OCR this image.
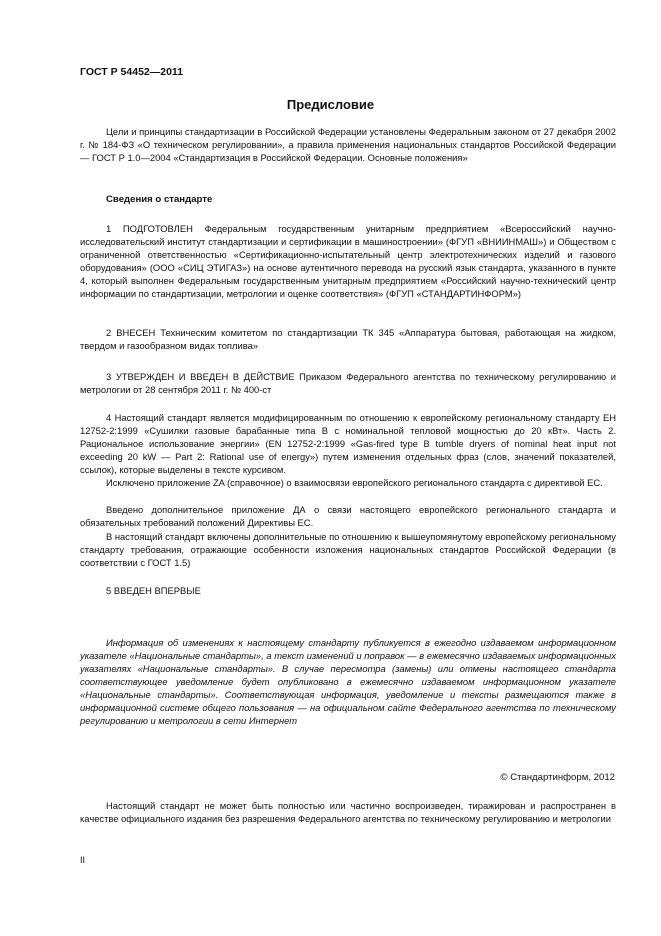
ГОСТ Р 54452—2011
Предисловие
Цели и принципы стандартизации в Российской Федерации установлены Федеральным законом от 27 декабря 2002 г. № 184-ФЗ «О техническом регулировании», а правила применения национальных стандартов Российской Федерации — ГОСТ Р 1.0—2004 «Стандартизация в Российской Федерации. Основные положения»
Сведения о стандарте
1 ПОДГОТОВЛЕН Федеральным государственным унитарным предприятием «Всероссийский научно-исследовательский институт стандартизации и сертификации в машиностроении» (ФГУП «ВНИИНМАШ») и Обществом с ограниченной ответственностью «Сертификационно-испытательный центр электротехнических изделий и газового оборудования» (ООО «СИЦ ЭТИГАЗ») на основе аутентичного перевода на русский язык стандарта, указанного в пункте 4, который выполнен Федеральным государственным унитарным предприятием «Российский научно-технический центр информации по стандартизации, метрологии и оценке соответствия» (ФГУП «СТАНДАРТИНФОРМ»)
2 ВНЕСЕН Техническим комитетом по стандартизации ТК 345 «Аппаратура бытовая, работающая на жидком, твердом и газообразном видах топлива»
3 УТВЕРЖДЕН И ВВЕДЕН В ДЕЙСТВИЕ Приказом Федерального агентства по техническому регулированию и метрологии от 28 сентября 2011 г. № 400-ст
4 Настоящий стандарт является модифицированным по отношению к европейскому региональному стандарту ЕН 12752-2:1999 «Сушилки газовые барабанные типа В с номинальной тепловой мощностью до 20 кВт». Часть 2. Рациональное использование энергии» (EN 12752-2:1999 «Gas-fired type B tumble dryers of nominal heat input not exceeding 20 kW — Part 2: Rational use of energy») путем изменения отдельных фраз (слов, значений показателей, ссылок), которые выделены в тексте курсивом.
Исключено приложение ZA (справочное) о взаимосвязи европейского регионального стандарта с директивой ЕС.
Введено дополнительное приложение ДА о связи настоящего европейского регионального стандарта и обязательных требований положений Директивы ЕС.
В настоящий стандарт включены дополнительные по отношению к вышеупомянутому европейскому региональному стандарту требования, отражающие особенности изложения национальных стандартов Российской Федерации (в соответствии с ГОСТ 1.5)
5 ВВЕДЕН ВПЕРВЫЕ
Информация об изменениях к настоящему стандарту публикуется в ежегодно издаваемом информационном указателе «Национальные стандарты», а текст изменений и поправок — в ежемесячно издаваемых информационных указателях «Национальные стандарты». В случае пересмотра (замены) или отмены настоящего стандарта соответствующее уведомление будет опубликовано в ежемесячно издаваемом информационном указателе «Национальные стандарты». Соответствующая информация, уведомление и тексты размещаются также в информационной системе общего пользования — на официальном сайте Федерального агентства по техническому регулированию и метрологии в сети Интернет
© Стандартинформ, 2012
Настоящий стандарт не может быть полностью или частично воспроизведен, тиражирован и распространен в качестве официального издания без разрешения Федерального агентства по техническому регулированию и метрологии
II
